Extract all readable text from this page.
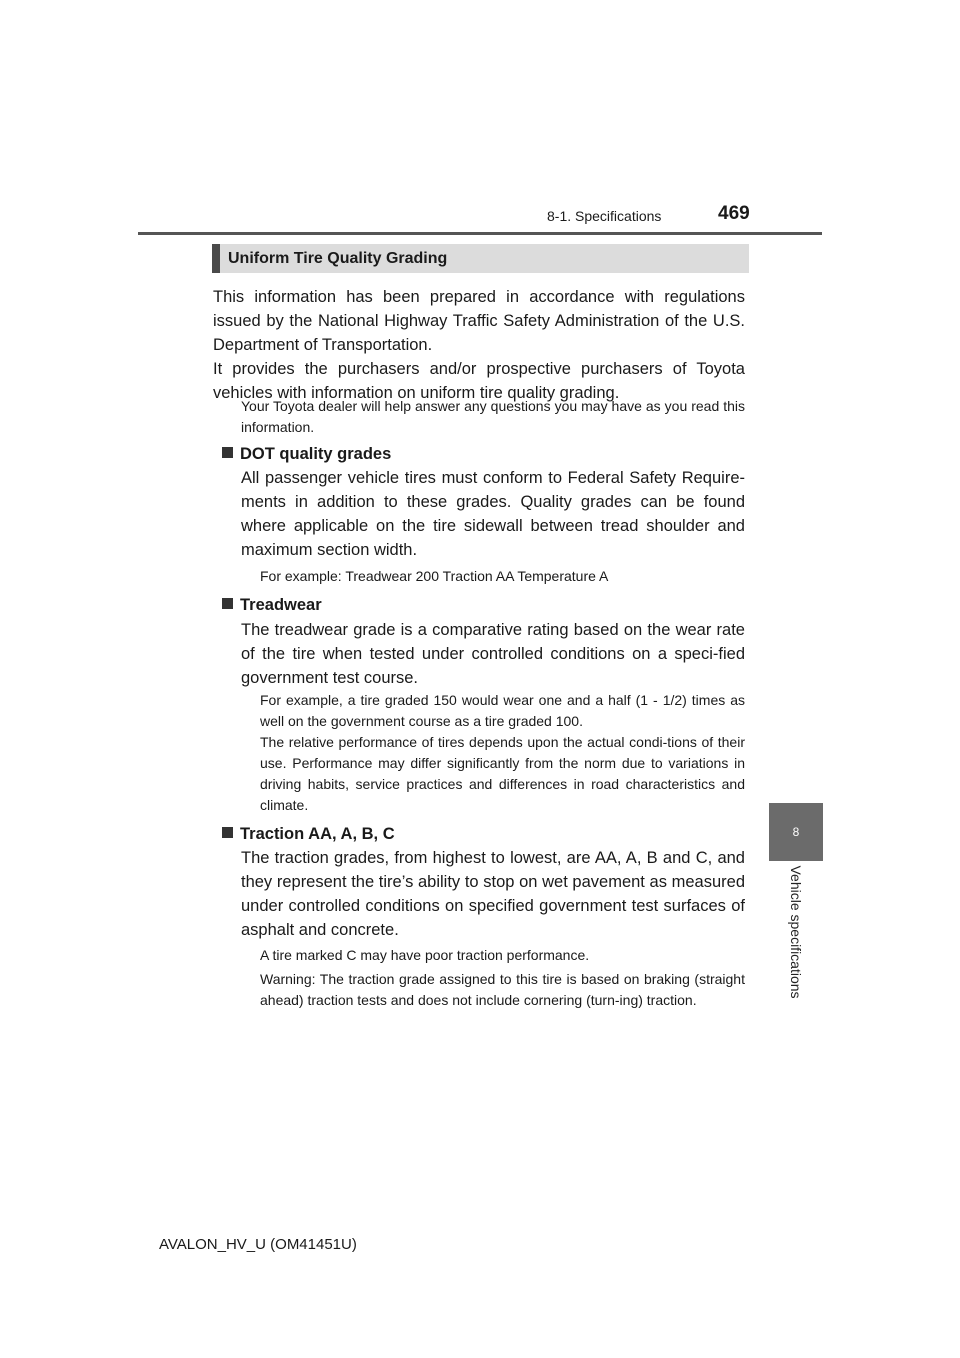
8-1. Specifications	469
8
Vehicle specifications
Uniform Tire Quality Grading

This information has been prepared in accordance with regulations issued by the National Highway Traffic Safety Administration of the U.S. Department of Transportation.

It provides the purchasers and/or prospective purchasers of Toyota vehicles with information on uniform tire quality grading.

Your Toyota dealer will help answer any questions you may have as you read this information.

DOT quality grades

All passenger vehicle tires must conform to Federal Safety Require-ments in addition to these grades. Quality grades can be found where applicable on the tire sidewall between tread shoulder and maximum section width.

For example: Treadwear 200 Traction AA Temperature A

Treadwear

The treadwear grade is a comparative rating based on the wear rate of the tire when tested under controlled conditions on a speci-fied government test course.

For example, a tire graded 150 would wear one and a half (1 - 1/2) times as well on the government course as a tire graded 100.

The relative performance of tires depends upon the actual condi-tions of their use. Performance may differ significantly from the norm due to variations in driving habits, service practices and differences in road characteristics and climate.

Traction AA, A, B, C

The traction grades, from highest to lowest, are AA, A, B and C, and they represent the tire’s ability to stop on wet pavement as measured under controlled conditions on specified government test surfaces of asphalt and concrete.

A tire marked C may have poor traction performance.

Warning: The traction grade assigned to this tire is based on braking (straight ahead) traction tests and does not include cornering (turn-ing) traction.

AVALON_HV_U (OM41451U)
